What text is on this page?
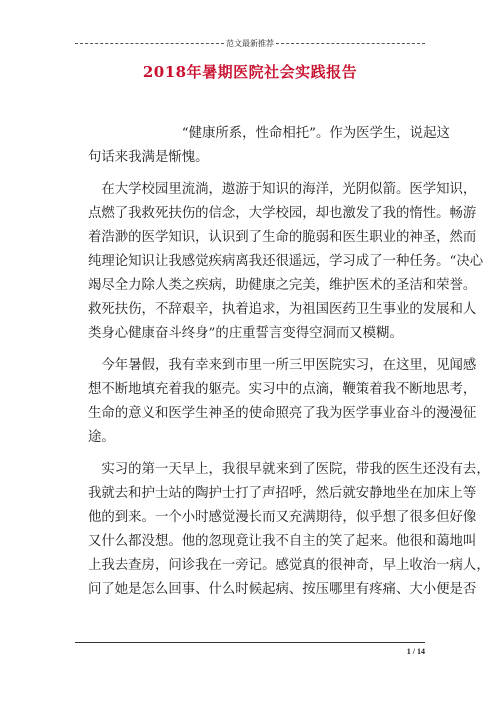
范文最新推荐
2018年暑期医院社会实践报告
　　　　　　　“健康所系，性命相托”。作为医学生，说起这
句话来我满是惭愧。
　在大学校园里流淌，遨游于知识的海洋，光阴似箭。医学知识，
点燃了我救死扶伤的信念，大学校园，却也激发了我的惰性。畅游
着浩渺的医学知识，认识到了生命的脆弱和医生职业的神圣，然而
纯理论知识让我感觉疾病离我还很遥远，学习成了一种任务。“决心
竭尽全力除人类之疾病，助健康之完美，维护医术的圣洁和荣誉。
救死扶伤，不辞艰辛，执着追求，为祖国医药卫生事业的发展和人
类身心健康奋斗终身”的庄重誓言变得空洞而又模糊。
　今年暑假，我有幸来到市里一所三甲医院实习，在这里，见闻感
想不断地填充着我的躯壳。实习中的点滴，鞭策着我不断地思考，
生命的意义和医学生神圣的使命照亮了我为医学事业奋斗的漫漫征
途。
　实习的第一天早上，我很早就来到了医院，带我的医生还没有去，
我就去和护士站的陶护士打了声招呼，然后就安静地坐在加床上等
他的到来。一个小时感觉漫长而又充满期待，似乎想了很多但好像
又什么都没想。他的忽现竟让我不自主的笑了起来。他很和蔼地叫
上我去查房，问诊我在一旁记。感觉真的很神奇，早上收治一病人，
问了她是怎么回事、什么时候起病、按压哪里有疼痛、大小便是否
1 / 14
